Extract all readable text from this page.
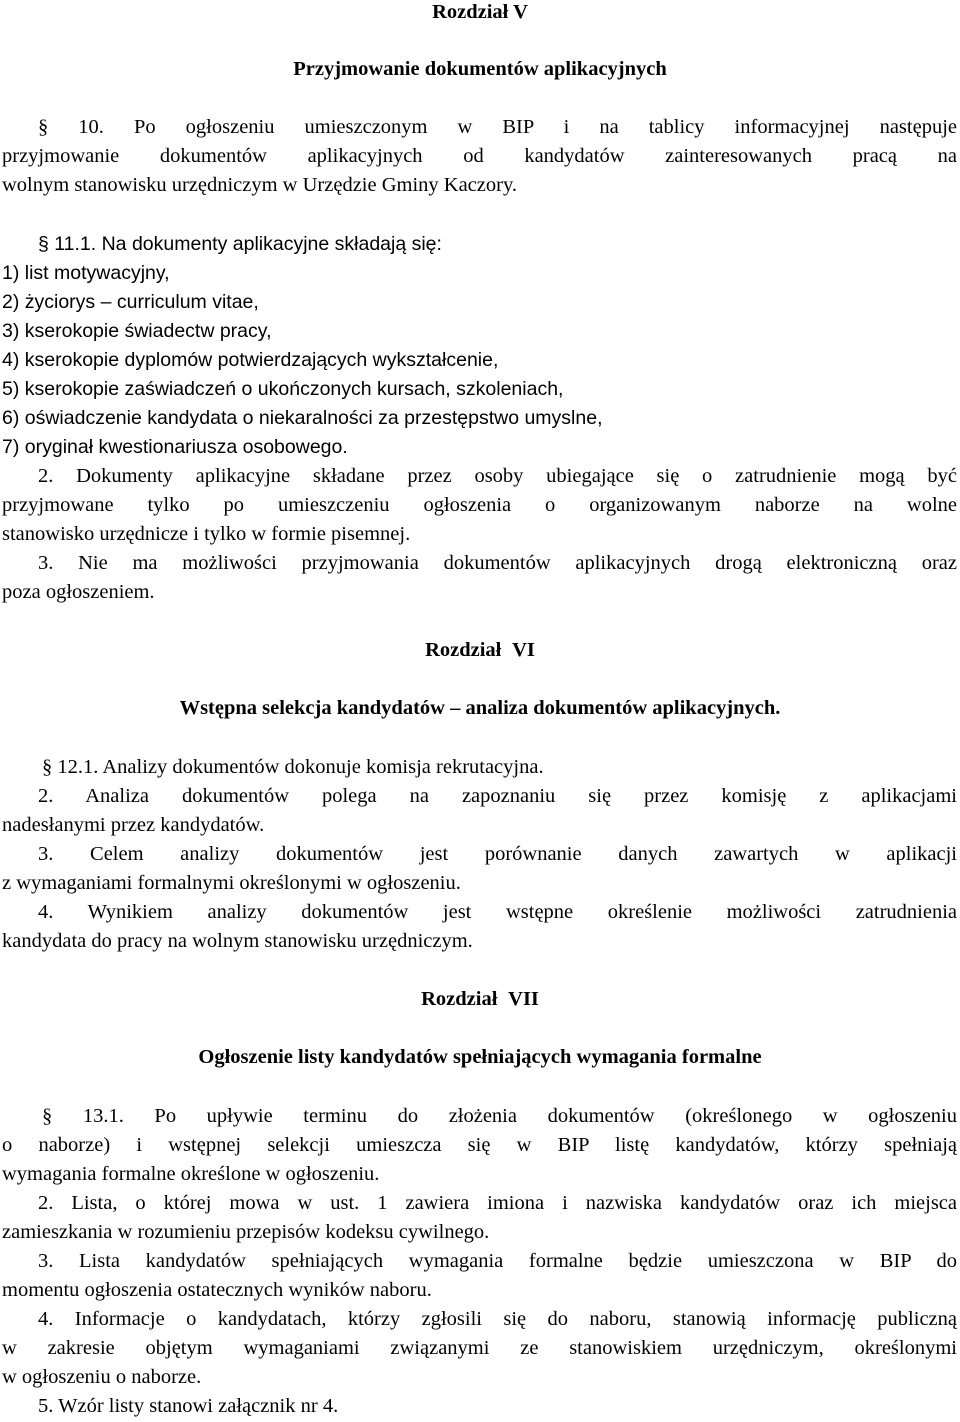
Rozdział V
Przyjmowanie dokumentów aplikacyjnych
§ 10. Po ogłoszeniu umieszczonym w BIP i na tablicy informacyjnej następuje
przyjmowanie dokumentów aplikacyjnych od kandydatów zainteresowanych pracą na
wolnym stanowisku urzędniczym w Urzędzie Gminy Kaczory.
§ 11.1. Na dokumenty aplikacyjne składają się:
1) list motywacyjny,
2) życiorys – curriculum vitae,
3) kserokopie świadectw pracy,
4) kserokopie dyplomów potwierdzających wykształcenie,
5) kserokopie zaświadczeń o ukończonych kursach, szkoleniach,
6) oświadczenie kandydata o niekaralności za przestępstwo umyslne,
7) oryginał kwestionariusza osobowego.
2. Dokumenty aplikacyjne składane przez osoby ubiegające się o zatrudnienie mogą być
przyjmowane tylko po umieszczeniu ogłoszenia o organizowanym naborze na wolne
stanowisko urzędnicze i tylko w formie pisemnej.
3. Nie ma możliwości przyjmowania dokumentów aplikacyjnych drogą elektroniczną oraz
poza ogłoszeniem.
Rozdział VI
Wstępna selekcja kandydatów – analiza dokumentów aplikacyjnych.
§ 12.1. Analizy dokumentów dokonuje komisja rekrutacyjna.
2. Analiza dokumentów polega na zapoznaniu się przez komisję z aplikacjami
nadesłanymi przez kandydatów.
3. Celem analizy dokumentów jest porównanie danych zawartych w aplikacji
z wymaganiami formalnymi określonymi w ogłoszeniu.
4. Wynikiem analizy dokumentów jest wstępne określenie możliwości zatrudnienia
kandydata do pracy na wolnym stanowisku urzędniczym.
Rozdział VII
Ogłoszenie listy kandydatów spełniających wymagania formalne
§ 13.1. Po upływie terminu do złożenia dokumentów (określonego w ogłoszeniu
o naborze) i wstępnej selekcji umieszcza się w BIP listę kandydatów, którzy spełniają
wymagania formalne określone w ogłoszeniu.
2. Lista, o której mowa w ust. 1 zawiera imiona i nazwiska kandydatów oraz ich miejsca
zamieszkania w rozumieniu przepisów kodeksu cywilnego.
3. Lista kandydatów spełniających wymagania formalne będzie umieszczona w BIP do
momentu ogłoszenia ostatecznych wyników naboru.
4. Informacje o kandydatach, którzy zgłosili się do naboru, stanowią informację publiczną
w zakresie objętym wymaganiami związanymi ze stanowiskiem urzędniczym, określonymi
w ogłoszeniu o naborze.
5. Wzór listy stanowi załącznik nr 4.
